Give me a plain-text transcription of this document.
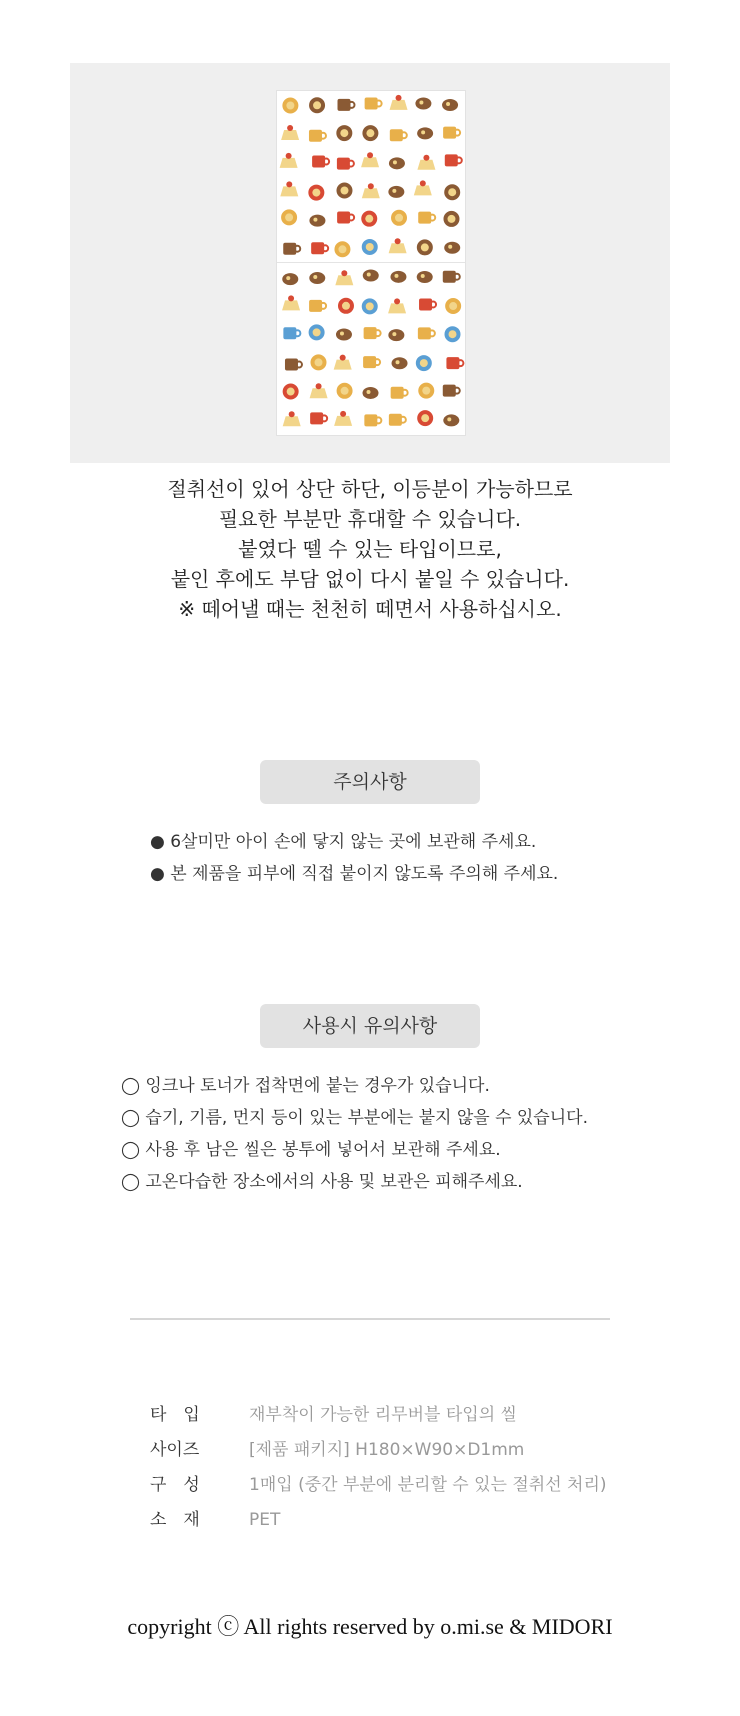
절취선이 있어 상단 하단, 이등분이 가능하므로

필요한 부분만 휴대할 수 있습니다.

붙였다 뗄 수 있는 타입이므로,

붙인 후에도 부담 없이 다시 붙일 수 있습니다.

※ 떼어낼 때는 천천히 떼면서 사용하십시오.

주의사항
● 6살미만 아이 손에 닿지 않는 곳에 보관해 주세요.
● 본 제품을 피부에 직접 붙이지 않도록 주의해 주세요.
사용시 유의사항
◯ 잉크나 토너가 접착면에 붙는 경우가 있습니다.
◯ 습기, 기름, 먼지 등이 있는 부분에는 붙지 않을 수 있습니다.
◯ 사용 후 남은 씰은 봉투에 넣어서 보관해 주세요.
◯ 고온다습한 장소에서의 사용 및 보관은 피해주세요.
타　입	재부착이 가능한 리무버블 타입의 씰
사이즈	[제품 패키지] H180×W90×D1mm
구　성	1매입 (중간 부분에 분리할 수 있는 절취선 처리)
소　재	PET
copyright ⓒ All rights reserved by o.mi.se & MIDORI
